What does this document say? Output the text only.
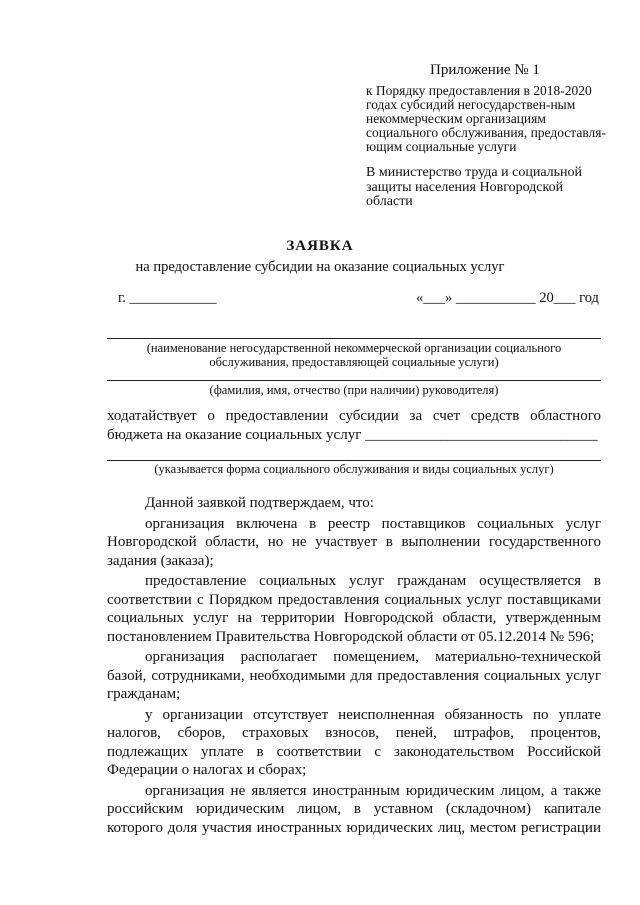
Приложение № 1
к Порядку предоставления в 2018-2020 годах субсидий негосударствен-ным некоммерческим организациям социального обслуживания, предоставля-ющим социальные услуги
В министерство труда и социальной защиты населения Новгородской области
ЗАЯВКА
на предоставление субсидии на оказание социальных услуг
г. ____________	«___» ___________ 20___ год
(наименование негосударственной некоммерческой организации социального обслуживания, предоставляющей социальные услуги)
(фамилия, имя, отчество (при наличии) руководителя)
ходатайствует о предоставлении субсидии за счет средств областного
бюджета на оказание социальных услуг _______________________________
(указывается форма социального обслуживания и виды социальных услуг)

Данной заявкой подтверждаем, что:

организация включена в реестр поставщиков социальных услуг Новгородской области, но не участвует в выполнении государственного задания (заказа);

предоставление социальных услуг гражданам осуществляется в соответствии с Порядком предоставления социальных услуг поставщиками социальных услуг на территории Новгородской области, утвержденным постановлением Правительства Новгородской области от 05.12.2014 № 596;

организация располагает помещением, материально-технической базой, сотрудниками, необходимыми для предоставления социальных услуг гражданам;

у организации отсутствует неисполненная обязанность по уплате налогов, сборов, страховых взносов, пеней, штрафов, процентов, подлежащих уплате в соответствии с законодательством Российской Федерации о налогах и сборах;

организация не является иностранным юридическим лицом, а также российским юридическим лицом, в уставном (складочном) капитале которого доля участия иностранных юридических лиц, местом регистрации
